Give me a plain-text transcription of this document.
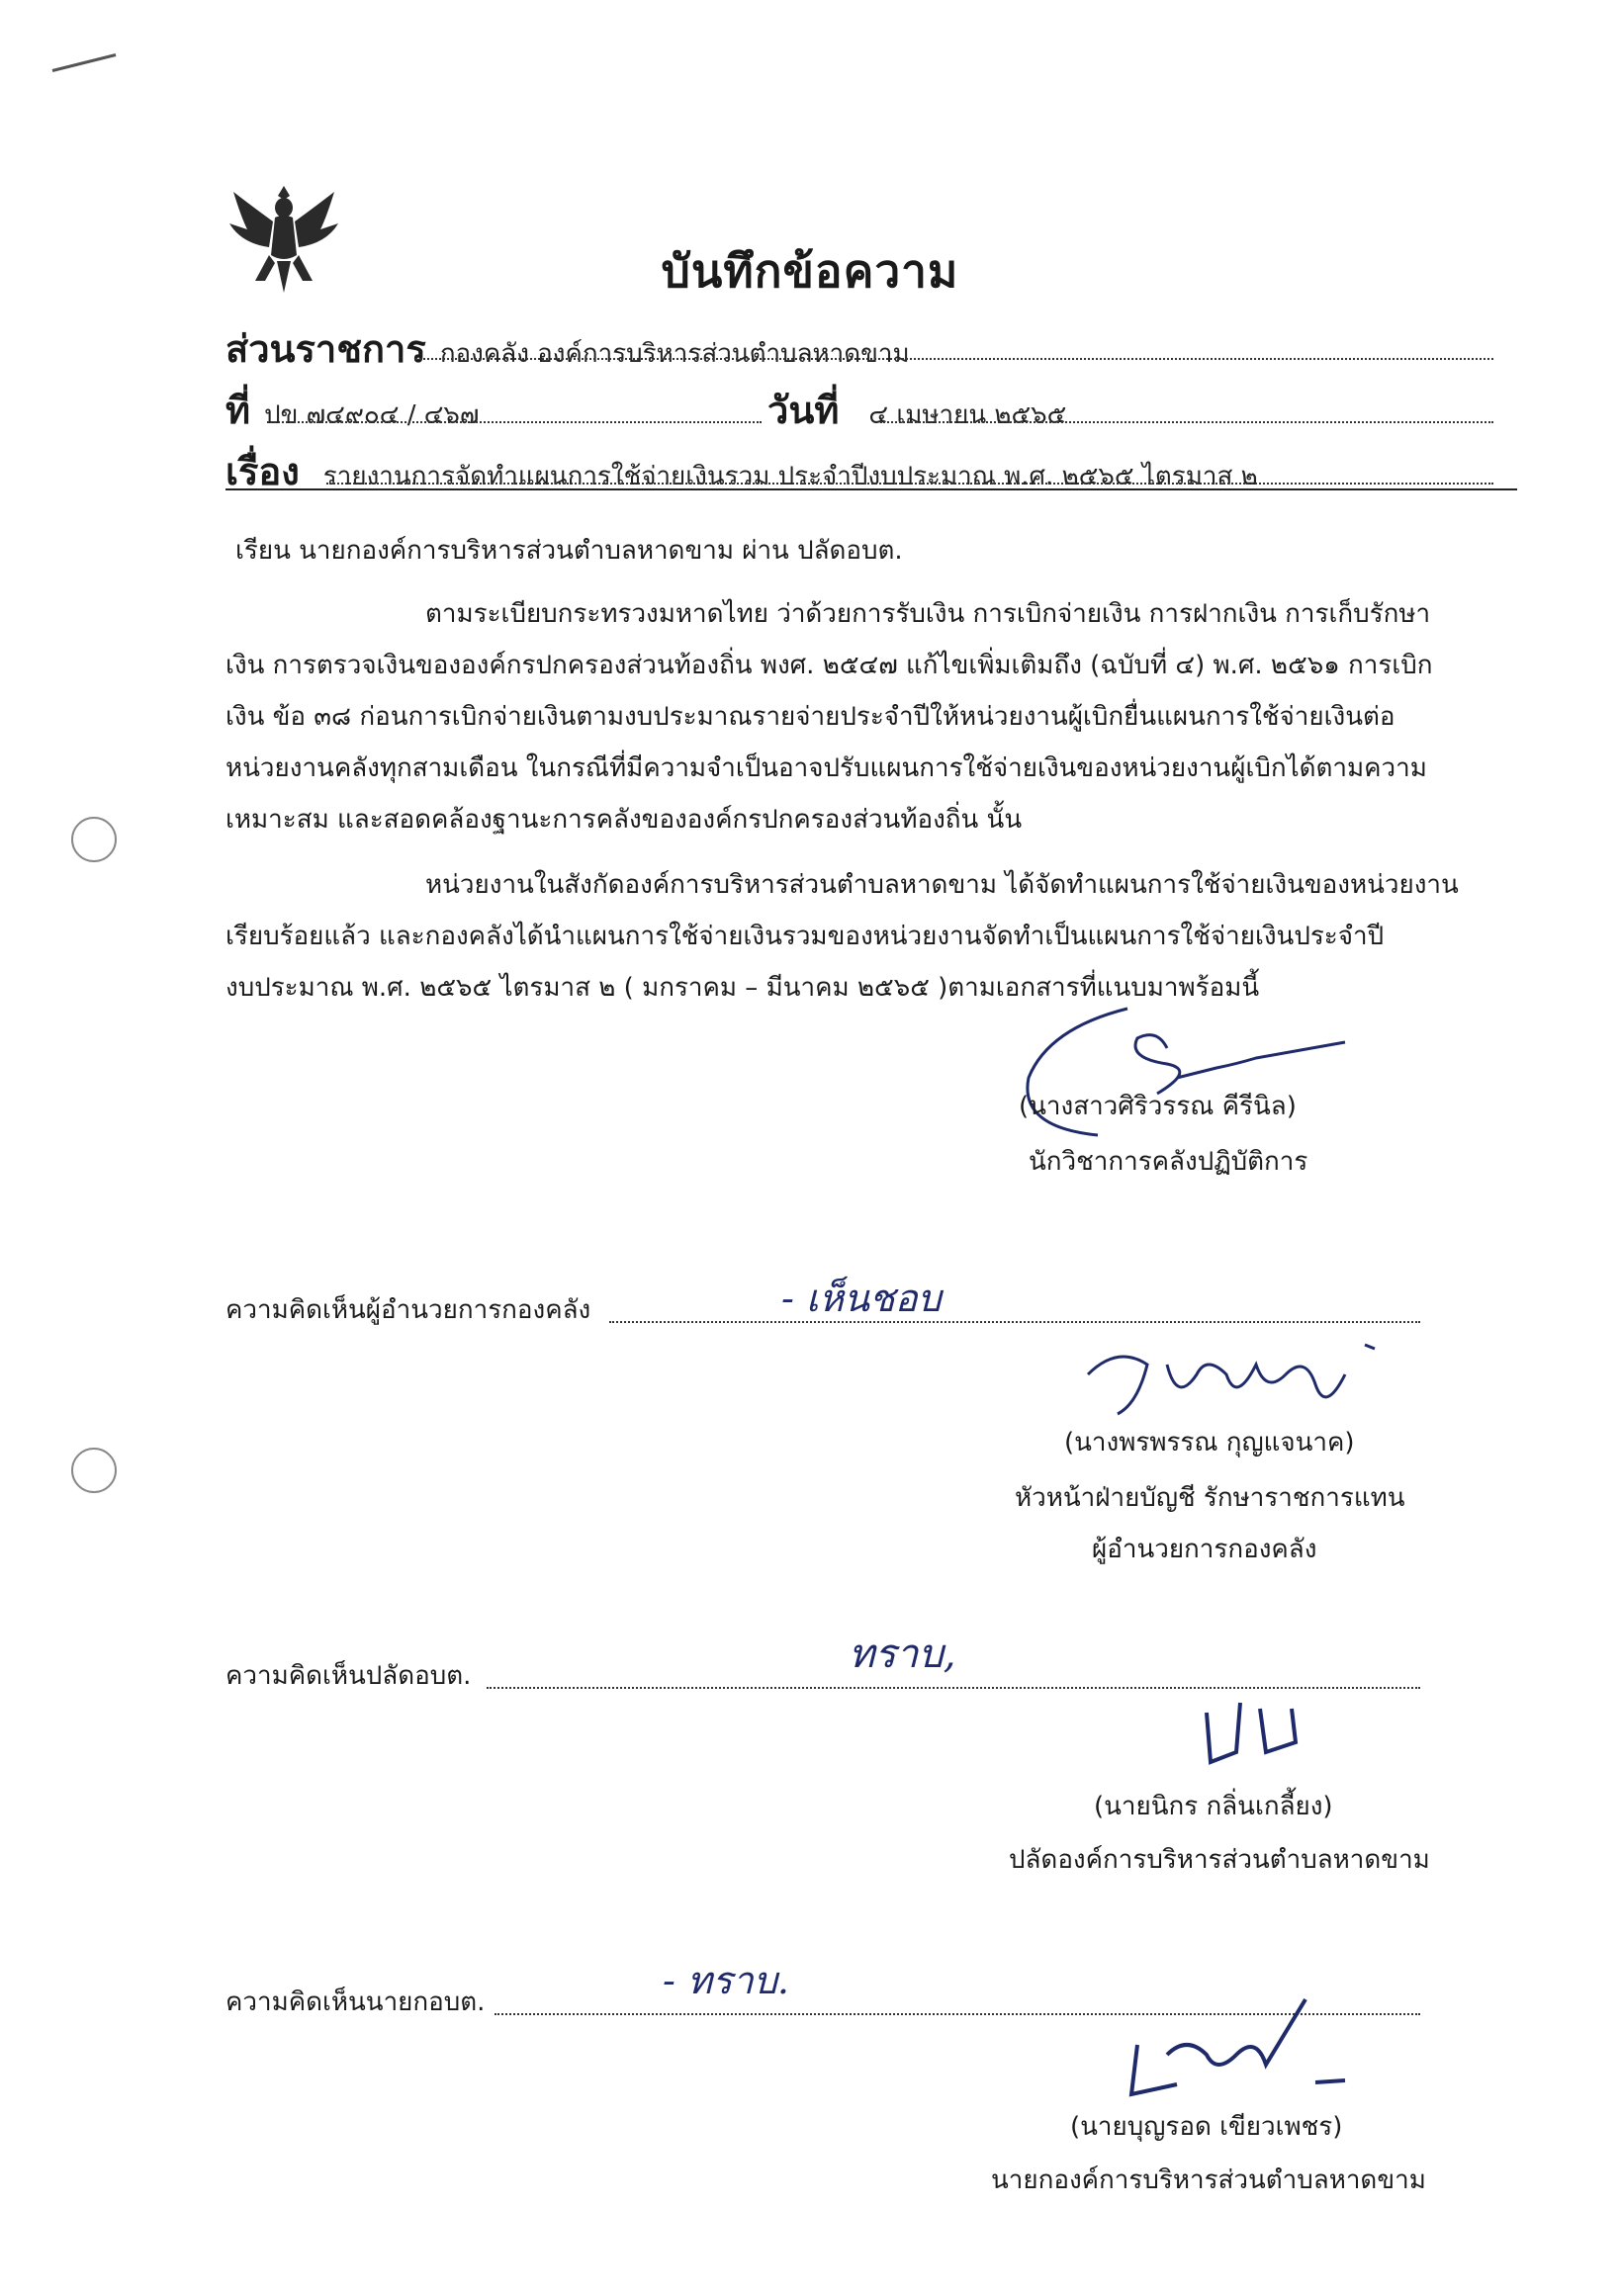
บันทึกข้อความ
ส่วนราชการ กองคลัง องค์การบริหารส่วนตำบลหาดขาม
ที่ ปข ๗๔๙๐๔ / ๔๖๗	วันที่ ๔ เมษายน ๒๕๖๕
เรื่อง รายงานการจัดทำแผนการใช้จ่ายเงินรวม ประจำปีงบประมาณ พ.ศ. ๒๕๖๕ ไตรมาส ๒
เรียน นายกองค์การบริหารส่วนตำบลหาดขาม ผ่าน ปลัดอบต.
ตามระเบียบกระทรวงมหาดไทย ว่าด้วยการรับเงิน การเบิกจ่ายเงิน การฝากเงิน การเก็บรักษา
เงิน การตรวจเงินขององค์กรปกครองส่วนท้องถิ่น พงศ. ๒๕๔๗ แก้ไขเพิ่มเติมถึง (ฉบับที่ ๔) พ.ศ. ๒๕๖๑ การเบิก
เงิน ข้อ ๓๘ ก่อนการเบิกจ่ายเงินตามงบประมาณรายจ่ายประจำปีให้หน่วยงานผู้เบิกยื่นแผนการใช้จ่ายเงินต่อ
หน่วยงานคลังทุกสามเดือน ในกรณีที่มีความจำเป็นอาจปรับแผนการใช้จ่ายเงินของหน่วยงานผู้เบิกได้ตามความ
เหมาะสม และสอดคล้องฐานะการคลังขององค์กรปกครองส่วนท้องถิ่น นั้น
หน่วยงานในสังกัดองค์การบริหารส่วนตำบลหาดขาม ได้จัดทำแผนการใช้จ่ายเงินของหน่วยงาน
เรียบร้อยแล้ว และกองคลังได้นำแผนการใช้จ่ายเงินรวมของหน่วยงานจัดทำเป็นแผนการใช้จ่ายเงินประจำปี
งบประมาณ พ.ศ. ๒๕๖๕ ไตรมาส ๒ ( มกราคม – มีนาคม ๒๕๖๕ )ตามเอกสารที่แนบมาพร้อมนี้
(นางสาวศิริวรรณ คีรีนิล)
นักวิชาการคลังปฏิบัติการ
ความคิดเห็นผู้อำนวยการกองคลัง	- เห็นชอบ
(นางพรพรรณ กุญแจนาค)
หัวหน้าฝ่ายบัญชี รักษาราชการแทน
ผู้อำนวยการกองคลัง
ความคิดเห็นปลัดอบต.	ทราบ,
(นายนิกร กลิ่นเกลี้ยง)
ปลัดองค์การบริหารส่วนตำบลหาดขาม
ความคิดเห็นนายกอบต.	- ทราบ.
(นายบุญรอด เขียวเพชร)
นายกองค์การบริหารส่วนตำบลหาดขาม
